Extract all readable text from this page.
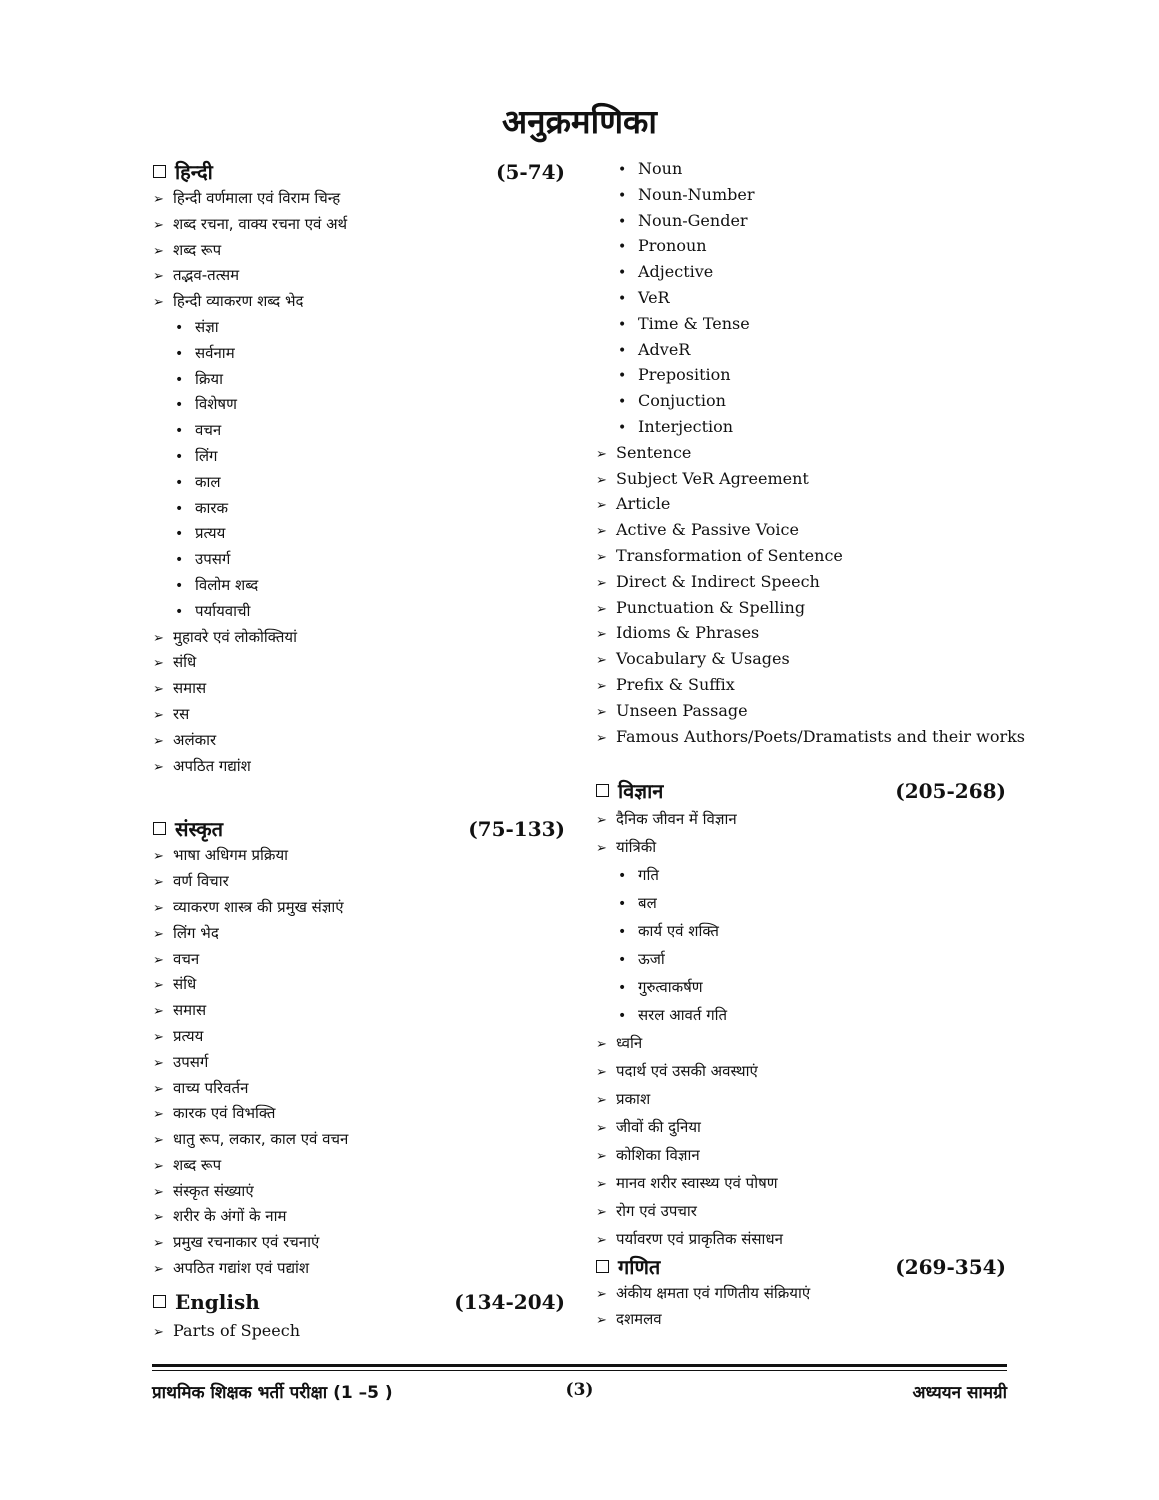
अनुक्रमणिका
हिन्दी	(5-74)
➢ हिन्दी वर्णमाला एवं विराम चिन्ह
➢ शब्द रचना, वाक्य रचना एवं अर्थ
➢ शब्द रूप
➢ तद्भव-तत्सम
➢ हिन्दी व्याकरण शब्द भेद
• संज्ञा
• सर्वनाम
• क्रिया
• विशेषण
• वचन
• लिंग
• काल
• कारक
• प्रत्यय
• उपसर्ग
• विलोम शब्द
• पर्यायवाची
➢ मुहावरे एवं लोकोक्तियां
➢ संधि
➢ समास
➢ रस
➢ अलंकार
➢ अपठित गद्यांश
संस्कृत	(75-133)
➢ भाषा अधिगम प्रक्रिया
➢ वर्ण विचार
➢ व्याकरण शास्त्र की प्रमुख संज्ञाएं
➢ लिंग भेद
➢ वचन
➢ संधि
➢ समास
➢ प्रत्यय
➢ उपसर्ग
➢ वाच्य परिवर्तन
➢ कारक एवं विभक्ति
➢ धातु रूप, लकार, काल एवं वचन
➢ शब्द रूप
➢ संस्कृत संख्याएं
➢ शरीर के अंगों के नाम
➢ प्रमुख रचनाकार एवं रचनाएं
➢ अपठित गद्यांश एवं पद्यांश
English	(134-204)
➢ Parts of Speech
• Noun
• Noun-Number
• Noun-Gender
• Pronoun
• Adjective
• VeR
• Time & Tense
• AdveR
• Preposition
• Conjuction
• Interjection
➢ Sentence
➢ Subject VeR Agreement
➢ Article
➢ Active & Passive Voice
➢ Transformation of Sentence
➢ Direct & Indirect Speech
➢ Punctuation & Spelling
➢ Idioms & Phrases
➢ Vocabulary & Usages
➢ Prefix & Suffix
➢ Unseen Passage
➢ Famous Authors/Poets/Dramatists and their works
विज्ञान	(205-268)
➢ दैनिक जीवन में विज्ञान
➢ यांत्रिकी
• गति
• बल
• कार्य एवं शक्ति
• ऊर्जा
• गुरुत्वाकर्षण
• सरल आवर्त गति
➢ ध्वनि
➢ पदार्थ एवं उसकी अवस्थाएं
➢ प्रकाश
➢ जीवों की दुनिया
➢ कोशिका विज्ञान
➢ मानव शरीर स्वास्थ्य एवं पोषण
➢ रोग एवं उपचार
➢ पर्यावरण एवं प्राकृतिक संसाधन
गणित	(269-354)
➢ अंकीय क्षमता एवं गणितीय संक्रियाएं
➢ दशमलव
प्राथमिक शिक्षक भर्ती परीक्षा (1 –5 )	(3)	अध्ययन सामग्री
